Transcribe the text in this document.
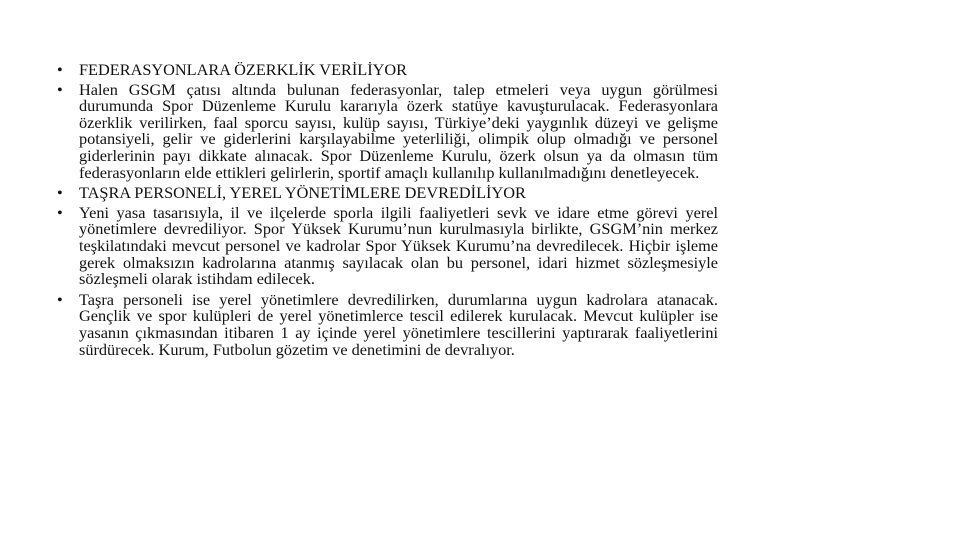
• FEDERASYONLARA ÖZERKLİK VERİLİYOR
• Halen GSGM çatısı altında bulunan federasyonlar, talep etmeleri veya uygun görülmesi durumunda Spor Düzenleme Kurulu kararıyla özerk statüye kavuşturulacak. Federasyonlara özerklik verilirken, faal sporcu sayısı, kulüp sayısı, Türkiye’deki yaygınlık düzeyi ve gelişme potansiyeli, gelir ve giderlerini karşılayabilme yeterliliği, olimpik olup olmadığı ve personel giderlerinin payı dikkate alınacak. Spor Düzenleme Kurulu, özerk olsun ya da olmasın tüm federasyonların elde ettikleri gelirlerin, sportif amaçlı kullanılıp kullanılmadığını denetleyecek.
• TAŞRA PERSONELİ, YEREL YÖNETİMLERE DEVREDİLİYOR
• Yeni yasa tasarısıyla, il ve ilçelerde sporla ilgili faaliyetleri sevk ve idare etme görevi yerel yönetimlere devrediliyor. Spor Yüksek Kurumu’nun kurulmasıyla birlikte, GSGM’nin merkez teşkilatındaki mevcut personel ve kadrolar Spor Yüksek Kurumu’na devredilecek. Hiçbir işleme gerek olmaksızın kadrolarına atanmış sayılacak olan bu personel, idari hizmet sözleşmesiyle sözleşmeli olarak istihdam edilecek.
• Taşra personeli ise yerel yönetimlere devredilirken, durumlarına uygun kadrolara atanacak. Gençlik ve spor kulüpleri de yerel yönetimlerce tescil edilerek kurulacak. Mevcut kulüpler ise yasanın çıkmasından itibaren 1 ay içinde yerel yönetimlere tescillerini yaptırarak faaliyetlerini sürdürecek. Kurum, Futbolun gözetim ve denetimini de devralıyor.
